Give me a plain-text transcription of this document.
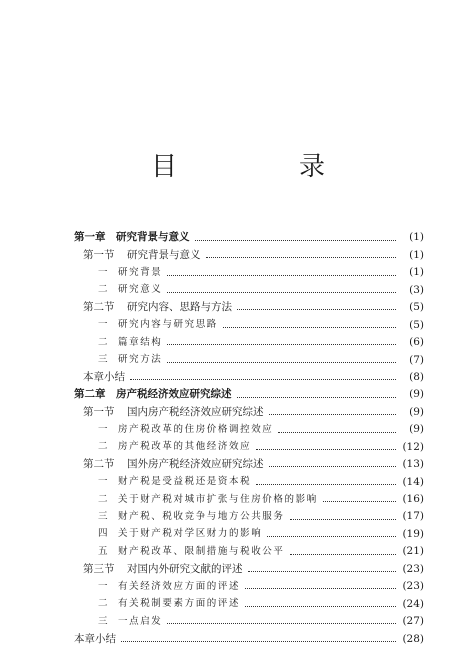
目　录
第一章	研究背景与意义	(1)
第一节	研究背景与意义	(1)
一	研究背景	(1)
二	研究意义	(3)
第二节	研究内容、思路与方法	(5)
一	研究内容与研究思路	(5)
二	篇章结构	(6)
三	研究方法	(7)
本章小结	(8)
第二章	房产税经济效应研究综述	(9)
第一节	国内房产税经济效应研究综述	(9)
一	房产税改革的住房价格调控效应	(9)
二	房产税改革的其他经济效应	(12)
第二节	国外房产税经济效应研究综述	(13)
一	财产税是受益税还是资本税	(14)
二	关于财产税对城市扩张与住房价格的影响	(16)
三	财产税、税收竞争与地方公共服务	(17)
四	关于财产税对学区财力的影响	(19)
五	财产税改革、限制措施与税收公平	(21)
第三节	对国内外研究文献的评述	(23)
一	有关经济效应方面的评述	(23)
二	有关税制要素方面的评述	(24)
三	一点启发	(27)
本章小结	(28)
